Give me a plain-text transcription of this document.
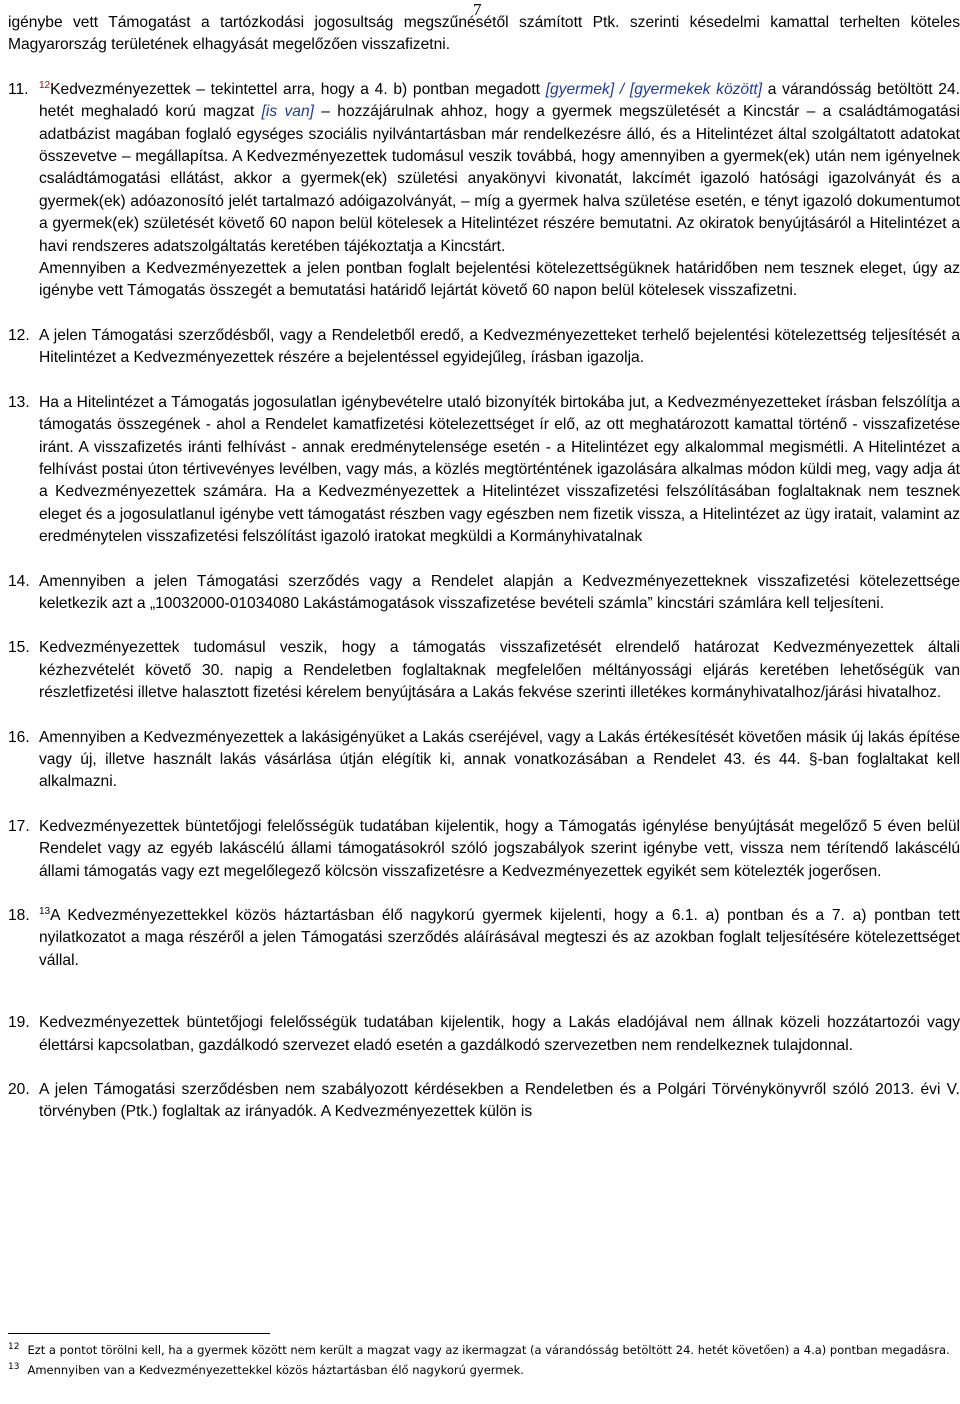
7

igénybe vett Támogatást a tartózkodási jogosultság megszűnésétől számított Ptk. szerinti késedelmi kamattal terhelten köteles Magyarország területének elhagyását megelőzően visszafizetni.

11.	$^{12}$Kedvezményezettek – tekintettel arra, hogy a 4. b) pontban megadott [gyermek] / [gyermekek között] a várandósság betöltött 24. hetét meghaladó korú magzat [is van] – hozzájárulnak ahhoz, hogy a gyermek megszületését a Kincstár – a családtámogatási adatbázist magában foglaló egységes szociális nyilvántartásban már rendelkezésre álló, és a Hitelintézet által szolgáltatott adatokat összevetve – megállapítsa. A Kedvezményezettek tudomásul veszik továbbá, hogy amennyiben a gyermek(ek) után nem igényelnek családtámogatási ellátást, akkor a gyermek(ek) születési anyakönyvi kivonatát, lakcímét igazoló hatósági igazolványát és a gyermek(ek) adóazonosító jelét tartalmazó adóigazolványát, – míg a gyermek halva születése esetén, e tényt igazoló dokumentumot a gyermek(ek) születését követő 60 napon belül kötelesek a Hitelintézet részére bemutatni. Az okiratok benyújtásáról a Hitelintézet a havi rendszeres adatszolgáltatás keretében tájékoztatja a Kincstárt.

Amennyiben a Kedvezményezettek a jelen pontban foglalt bejelentési kötelezettségüknek határidőben nem tesznek eleget, úgy az igénybe vett Támogatás összegét a bemutatási határidő lejártát követő 60 napon belül kötelesek visszafizetni.

12. A jelen Támogatási szerződésből, vagy a Rendeletből eredő, a Kedvezményezetteket terhelő bejelentési kötelezettség teljesítését a Hitelintézet a Kedvezményezettek részére a bejelentéssel egyidejűleg, írásban igazolja.
13. Ha a Hitelintézet a Támogatás jogosulatlan igénybevételre utaló bizonyíték birtokába jut, a Kedvezményezetteket írásban felszólítja a támogatás összegének - ahol a Rendelet kamatfizetési kötelezettséget ír elő, az ott meghatározott kamattal történő - visszafizetése iránt. A visszafizetés iránti felhívást - annak eredménytelensége esetén - a Hitelintézet egy alkalommal megismétli. A Hitelintézet a felhívást postai úton tértivevényes levélben, vagy más, a közlés megtörténtének igazolására alkalmas módon küldi meg, vagy adja át a Kedvezményezettek számára. Ha a Kedvezményezettek a Hitelintézet visszafizetési felszólításában foglaltaknak nem tesznek eleget és a jogosulatlanul igénybe vett támogatást részben vagy egészben nem fizetik vissza, a Hitelintézet az ügy iratait, valamint az eredménytelen visszafizetési felszólítást igazoló iratokat megküldi a Kormányhivatalnak
14. Amennyiben a jelen Támogatási szerződés vagy a Rendelet alapján a Kedvezményezetteknek visszafizetési kötelezettsége keletkezik azt a „10032000-01034080 Lakástámogatások visszafizetése bevételi számla” kincstári számlára kell teljesíteni.
15. Kedvezményezettek tudomásul veszik, hogy a támogatás visszafizetését elrendelő határozat Kedvezményezettek általi kézhezvételét követő 30. napig a Rendeletben foglaltaknak megfelelően méltányossági eljárás keretében lehetőségük van részletfizetési illetve halasztott fizetési kérelem benyújtására a Lakás fekvése szerinti illetékes kormányhivatalhoz/járási hivatalhoz.
16. Amennyiben a Kedvezményezettek a lakásigényüket a Lakás cseréjével, vagy a Lakás értékesítését követően másik új lakás építése vagy új, illetve használt lakás vásárlása útján elégítik ki, annak vonatkozásában a Rendelet 43. és 44. §-ban foglaltakat kell alkalmazni.
17. Kedvezményezettek büntetőjogi felelősségük tudatában kijelentik, hogy a Támogatás igénylése benyújtását megelőző 5 éven belül Rendelet vagy az egyéb lakáscélú állami támogatásokról szóló jogszabályok szerint igénybe vett, vissza nem térítendő lakáscélú állami támogatás vagy ezt megelőlegező kölcsön visszafizetésre a Kedvezményezettek egyikét sem kötelezték jogerősen.
18. $^{13}$A Kedvezményezettekkel közös háztartásban élő nagykorú gyermek kijelenti, hogy a 6.1. a) pontban és a 7. a) pontban tett nyilatkozatot a maga részéről a jelen Támogatási szerződés aláírásával megteszi és az azokban foglalt teljesítésére kötelezettséget vállal.
19. Kedvezményezettek büntetőjogi felelősségük tudatában kijelentik, hogy a Lakás eladójával nem állnak közeli hozzátartozói vagy élettársi kapcsolatban, gazdálkodó szervezet eladó esetén a gazdálkodó szervezetben nem rendelkeznek tulajdonnal.
20. A jelen Támogatási szerződésben nem szabályozott kérdésekben a Rendeletben és a Polgári Törvénykönyvről szóló 2013. évi V. törvényben (Ptk.) foglaltak az irányadók. A Kedvezményezettek külön is
$^{12}$ Ezt a pontot törölni kell, ha a gyermek között nem került a magzat vagy az ikermagzat (a várandósság betöltött 24. hetét követően) a 4.a) pontban megadásra.
$^{13}$ Amennyiben van a Kedvezményezettekkel közös háztartásban élő nagykorú gyermek.
